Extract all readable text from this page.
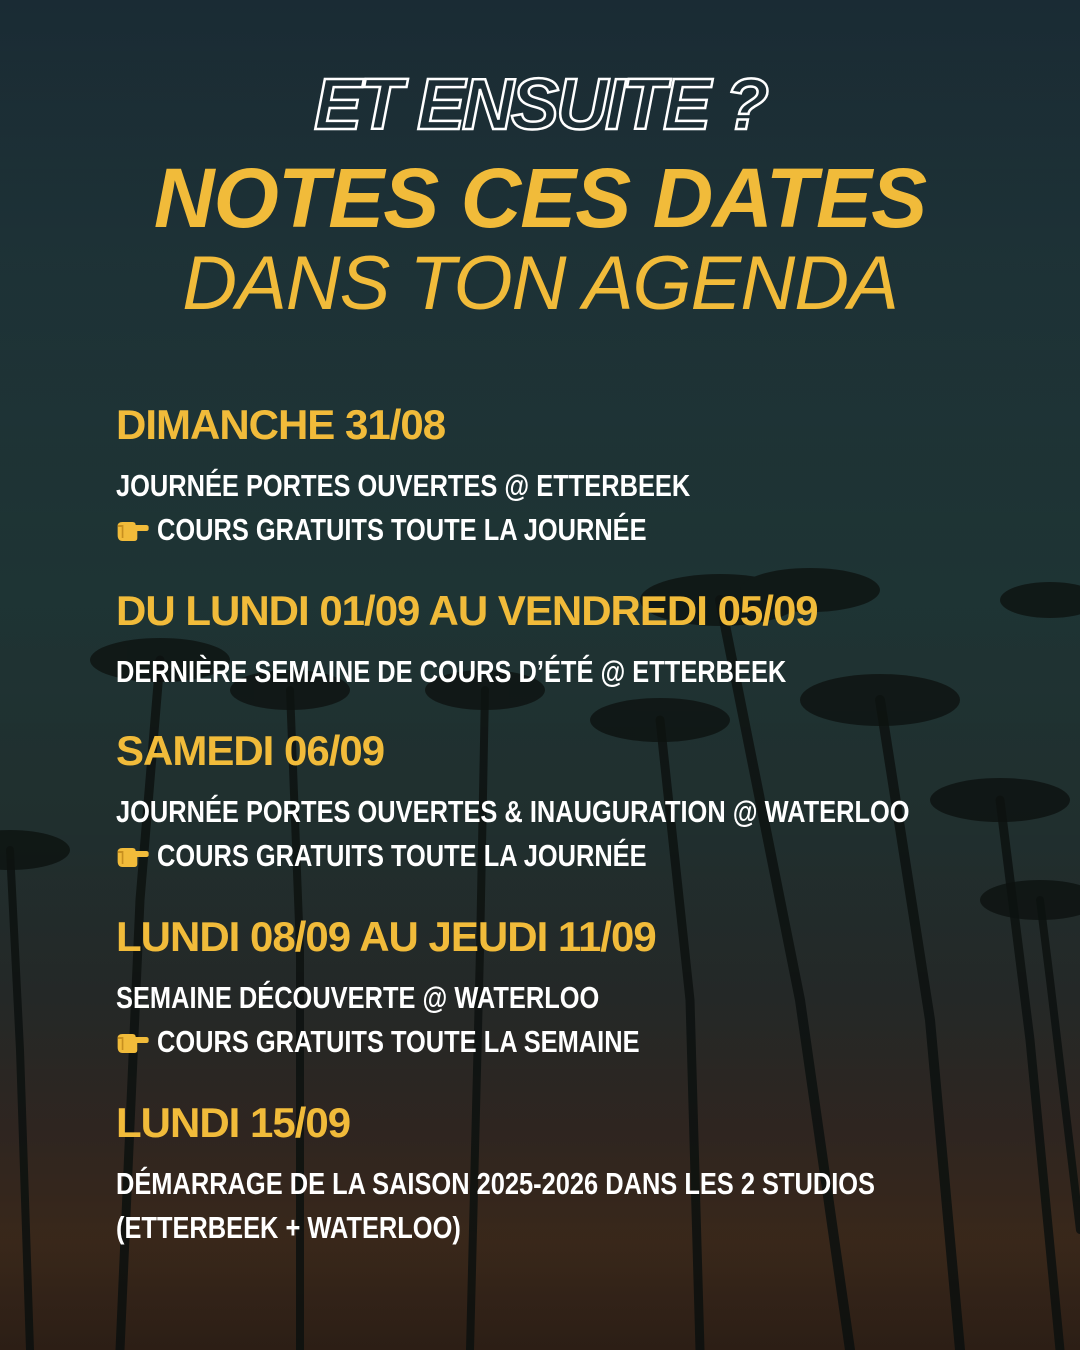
ET ENSUITE ?
NOTES CES DATES
DANS TON AGENDA
DIMANCHE 31/08
JOURNÉE PORTES OUVERTES @ ETTERBEEK
COURS GRATUITS TOUTE LA JOURNÉE
DU LUNDI 01/09 AU VENDREDI 05/09
DERNIÈRE SEMAINE DE COURS D’ÉTÉ @ ETTERBEEK
SAMEDI 06/09
JOURNÉE PORTES OUVERTES & INAUGURATION @ WATERLOO
COURS GRATUITS TOUTE LA JOURNÉE
LUNDI 08/09 AU JEUDI 11/09
SEMAINE DÉCOUVERTE @ WATERLOO
COURS GRATUITS TOUTE LA SEMAINE
LUNDI 15/09
DÉMARRAGE DE LA SAISON 2025-2026 DANS LES 2 STUDIOS
(ETTERBEEK + WATERLOO)
